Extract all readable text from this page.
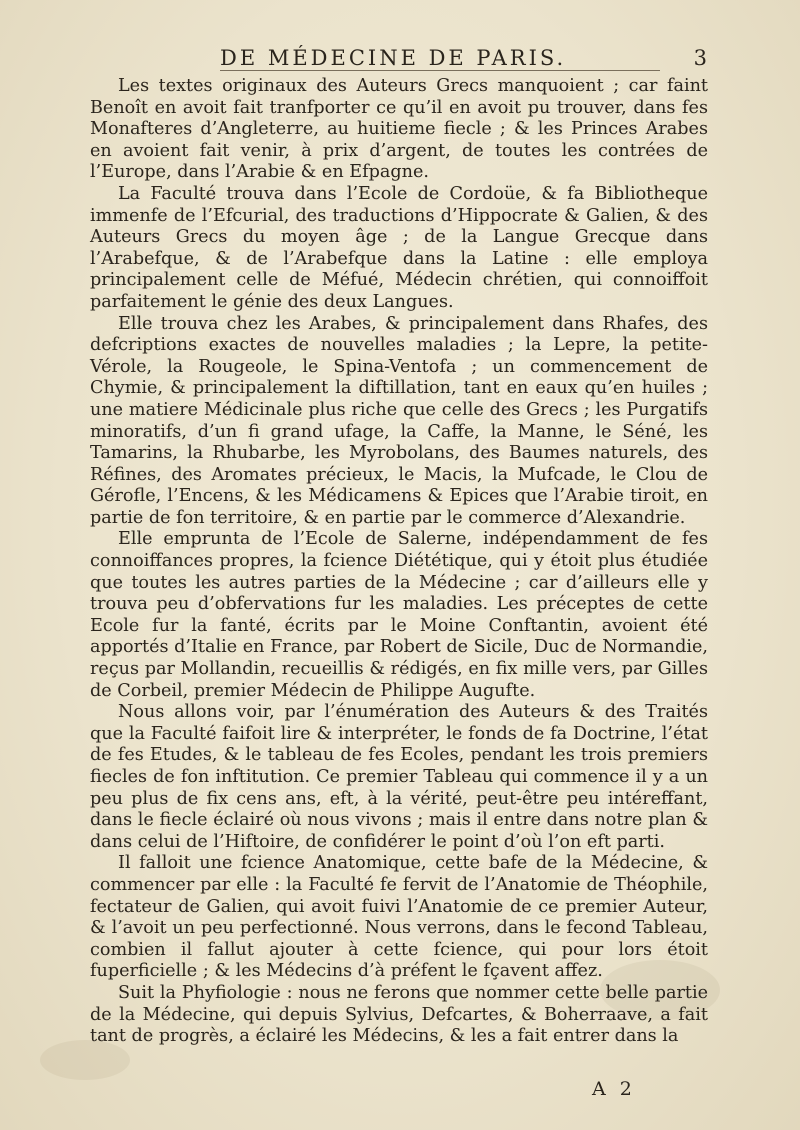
DE MÉDECINE DE PARIS.	3

Les textes originaux des Auteurs Grecs manquoient ; car faint Benoît en avoit fait tranfporter ce qu’il en avoit pu trouver, dans fes Monafteres d’Angleterre, au huitieme fiecle ; & les Princes Arabes en avoient fait venir, à prix d’argent, de toutes les contrées de l’Europe, dans l’Arabie & en Efpagne.

La Faculté trouva dans l’Ecole de Cordoüe, & fa Bibliotheque immenfe de l’Efcurial, des traductions d’Hippocrate & Galien, & des Auteurs Grecs du moyen âge ; de la Langue Grecque dans l’Arabefque, & de l’Arabefque dans la Latine : elle employa principalement celle de Méfué, Médecin chrétien, qui connoiffoit parfaitement le génie des deux Langues.

Elle trouva chez les Arabes, & principalement dans Rhafes, des defcriptions exactes de nouvelles maladies ; la Lepre, la petite-Vérole, la Rougeole, le Spina-Ventofa ; un commencement de Chymie, & principalement la diftillation, tant en eaux qu’en huiles ; une matiere Médicinale plus riche que celle des Grecs ; les Purgatifs minoratifs, d’un fi grand ufage, la Caffe, la Manne, le Séné, les Tamarins, la Rhubarbe, les Myrobolans, des Baumes naturels, des Réfines, des Aromates précieux, le Macis, la Mufcade, le Clou de Gérofle, l’Encens, & les Médicamens & Epices que l’Arabie tiroit, en partie de fon territoire, & en partie par le commerce d’Alexandrie.

Elle emprunta de l’Ecole de Salerne, indépendamment de fes connoiffances propres, la fcience Diététique, qui y étoit plus étudiée que toutes les autres parties de la Médecine ; car d’ailleurs elle y trouva peu d’obfervations fur les maladies. Les préceptes de cette Ecole fur la fanté, écrits par le Moine Conftantin, avoient été apportés d’Italie en France, par Robert de Sicile, Duc de Normandie, reçus par Mollandin, recueillis & rédigés, en fix mille vers, par Gilles de Corbeil, premier Médecin de Philippe Augufte.

Nous allons voir, par l’énumération des Auteurs & des Traités que la Faculté faifoit lire & interpréter, le fonds de fa Doctrine, l’état de fes Etudes, & le tableau de fes Ecoles, pendant les trois premiers fiecles de fon inftitution. Ce premier Tableau qui commence il y a un peu plus de fix cens ans, eft, à la vérité, peut-être peu intéreffant, dans le fiecle éclairé où nous vivons ; mais il entre dans notre plan & dans celui de l’Hiftoire, de confidérer le point d’où l’on eft parti.

Il falloit une fcience Anatomique, cette bafe de la Médecine, & commencer par elle : la Faculté fe fervit de l’Anatomie de Théophile, fectateur de Galien, qui avoit fuivi l’Anatomie de ce premier Auteur, & l’avoit un peu perfectionné. Nous verrons, dans le fecond Tableau, combien il fallut ajouter à cette fcience, qui pour lors étoit fuperficielle ; & les Médecins d’à préfent le fçavent affez.

Suit la Phyfiologie : nous ne ferons que nommer cette belle partie de la Médecine, qui depuis Sylvius, Defcartes, & Boherraave, a fait tant de progrès, a éclairé les Médecins, & les a fait entrer dans la

A 2
